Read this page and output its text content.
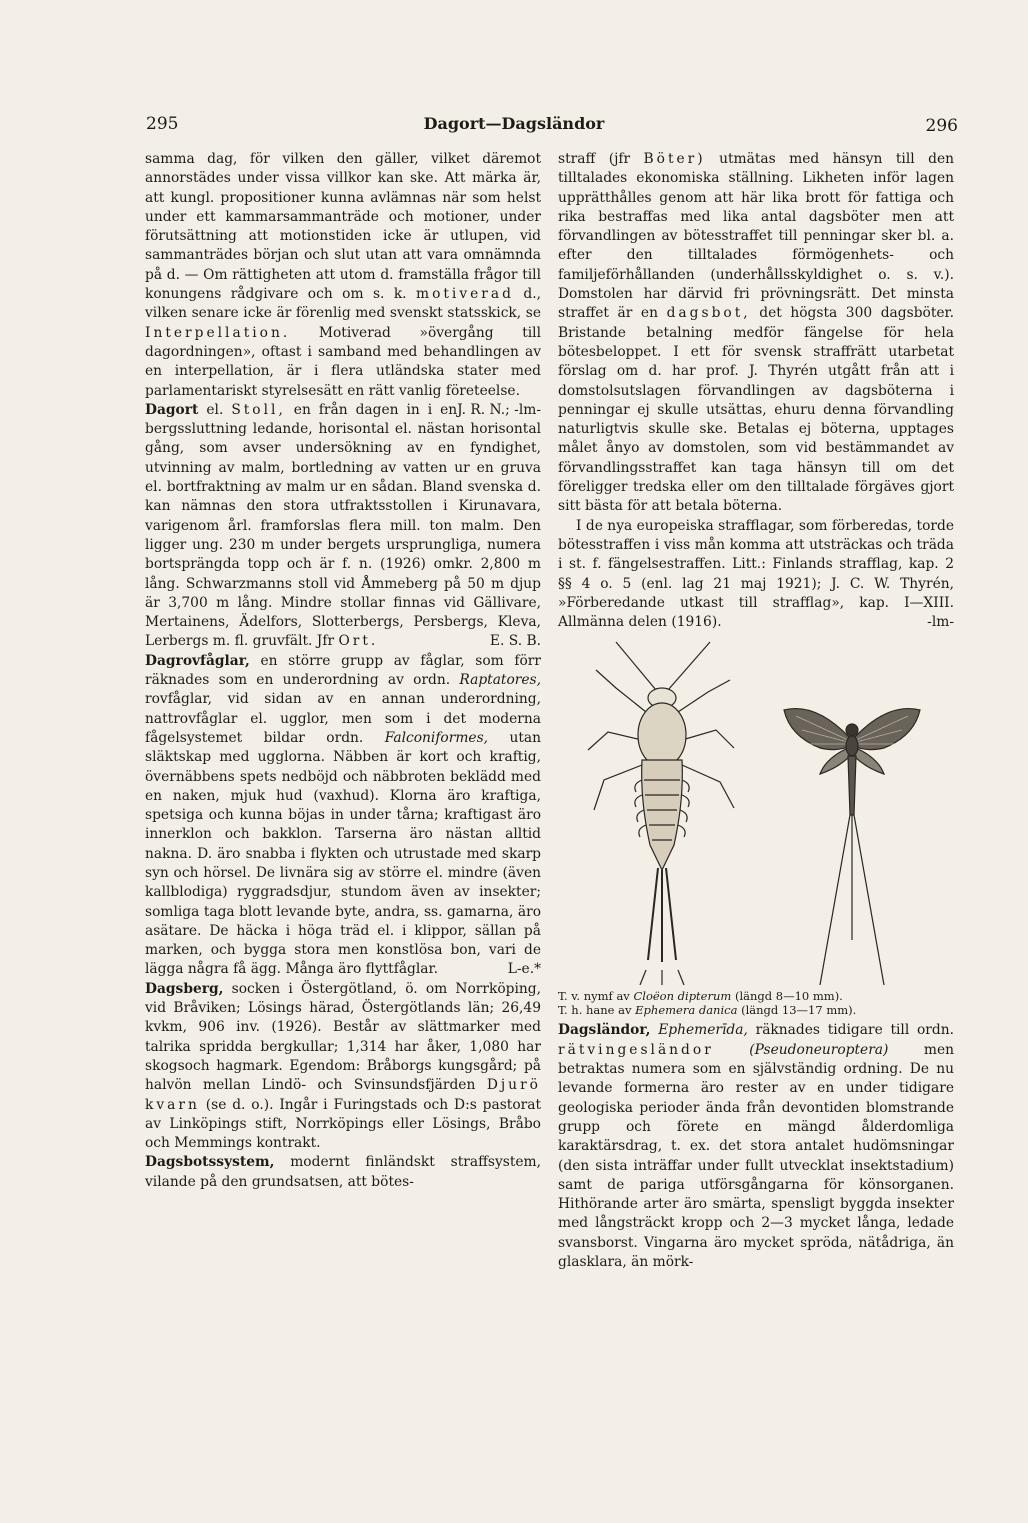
295	Dagort—Dagsländor	296

samma dag, för vilken den gäller, vilket däremot annorstädes under vissa villkor kan ske. Att märka är, att kungl. propositioner kunna avlämnas när som helst under ett kammarsammanträde och motioner, under förutsättning att motionstiden icke är utlupen, vid sammanträdes början och slut utan att vara omnämnda på d. — Om rättigheten att utom d. framställa frågor till konungens rådgivare och om s. k. motiverad d., vilken senare icke är förenlig med svenskt statsskick, se Interpellation. Motiverad »övergång till dagordningen», oftast i samband med behandlingen av en interpellation, är i flera utländska stater med parlamentariskt styrelsesätt en rätt vanlig företeelse.
J. R. N.; -lm-

Dagort el. Stoll, en från dagen in i en bergssluttning ledande, horisontal el. nästan horisontal gång, som avser undersökning av en fyndighet, utvinning av malm, bortledning av vatten ur en gruva el. bortfraktning av malm ur en sådan. Bland svenska d. kan nämnas den stora utfraktsstollen i Kirunavara, varigenom årl. framforslas flera mill. ton malm. Den ligger ung. 230 m under bergets ursprungliga, numera bortsprängda topp och är f. n. (1926) omkr. 2,800 m lång. Schwarzmanns stoll vid Åmmeberg på 50 m djup är 3,700 m lång. Mindre stollar finnas vid Gällivare, Mertainens, Ädelfors, Slotterbergs, Persbergs, Kleva, Lerbergs m. fl. gruvfält. Jfr Ort.	E. S. B.

Dagrovfåglar, en större grupp av fåglar, som förr räknades som en underordning av ordn. Raptatores, rovfåglar, vid sidan av en annan underordning, nattrovfåglar el. ugglor, men som i det moderna fågelsystemet bildar ordn. Falconiformes, utan släktskap med ugglorna. Näbben är kort och kraftig, övernäbbens spets nedböjd och näbbroten beklädd med en naken, mjuk hud (vaxhud). Klorna äro kraftiga, spetsiga och kunna böjas in under tårna; kraftigast äro innerklon och bakklon. Tarserna äro nästan alltid nakna. D. äro snabba i flykten och utrustade med skarp syn och hörsel. De livnära sig av större el. mindre (även kallblodiga) ryggradsdjur, stundom även av insekter; somliga taga blott levande byte, andra, ss. gamarna, äro asätare. De häcka i höga träd el. i klippor, sällan på marken, och bygga stora men konstlösa bon, vari de lägga några få ägg. Många äro flyttfåglar.	L-e.*

Dagsberg, socken i Östergötland, ö. om Norrköping, vid Bråviken; Lösings härad, Östergötlands län; 26,49 kvkm, 906 inv. (1926). Består av slättmarker med talrika spridda bergkullar; 1,314 har åker, 1,080 har skogsoch hagmark. Egendom: Bråborgs kungsgård; på halvön mellan Lindö- och Svinsundsfjärden Djurö kvarn (se d. o.). Ingår i Furingstads och D:s pastorat av Linköpings stift, Norrköpings eller Lösings, Bråbo och Memmings kontrakt.

Dagsbotssystem, modernt finländskt straffsystem, vilande på den grundsatsen, att bötes-

straff (jfr Böter) utmätas med hänsyn till den tilltalades ekonomiska ställning. Likheten inför lagen upprätthålles genom att här lika brott för fattiga och rika bestraffas med lika antal dagsböter men att förvandlingen av bötesstraffet till penningar sker bl. a. efter den tilltalades förmögenhets- och familjeförhållanden (underhållsskyldighet o. s. v.). Domstolen har därvid fri prövningsrätt. Det minsta straffet är en dagsbot, det högsta 300 dagsböter. Bristande betalning medför fängelse för hela bötesbeloppet. I ett för svensk straffrätt utarbetat förslag om d. har prof. J. Thyrén utgått från att i domstolsutslagen förvandlingen av dagsböterna i penningar ej skulle utsättas, ehuru denna förvandling naturligtvis skulle ske. Betalas ej böterna, upptages målet ånyo av domstolen, som vid bestämmandet av förvandlingsstraffet kan taga hänsyn till om det föreligger tredska eller om den tilltalade förgäves gjort sitt bästa för att betala böterna.

I de nya europeiska strafflagar, som förberedas, torde bötesstraffen i viss mån komma att utsträckas och träda i st. f. fängelsestraffen. Litt.: Finlands strafflag, kap. 2 §§ 4 o. 5 (enl. lag 21 maj 1921); J. C. W. Thyrén, »Förberedande utkast till strafflag», kap. I—XIII. Allmänna delen (1916).	-lm-

T. v. nymf av Cloëon dipterum (längd 8—10 mm).
T. h. hane av Ephemera danica (längd 13—17 mm).

Dagsländor, Ephemerīda, räknades tidigare till ordn. rätvingesländor	(Pseudoneuroptera)	men betraktas numera som en självständig ordning. De nu levande formerna äro rester av en under tidigare geologiska perioder ända från devontiden blomstrande grupp och förete en mängd ålderdomliga karaktärsdrag, t. ex. det stora antalet hudömsningar (den sista inträffar under fullt utvecklat insektstadium) samt de pariga utförsgångarna för könsorganen. Hithörande arter äro smärta, spensligt byggda insekter med långsträckt kropp och 2—3 mycket långa, ledade svansborst. Vingarna äro mycket spröda, nätådriga, än glasklara, än mörk-
